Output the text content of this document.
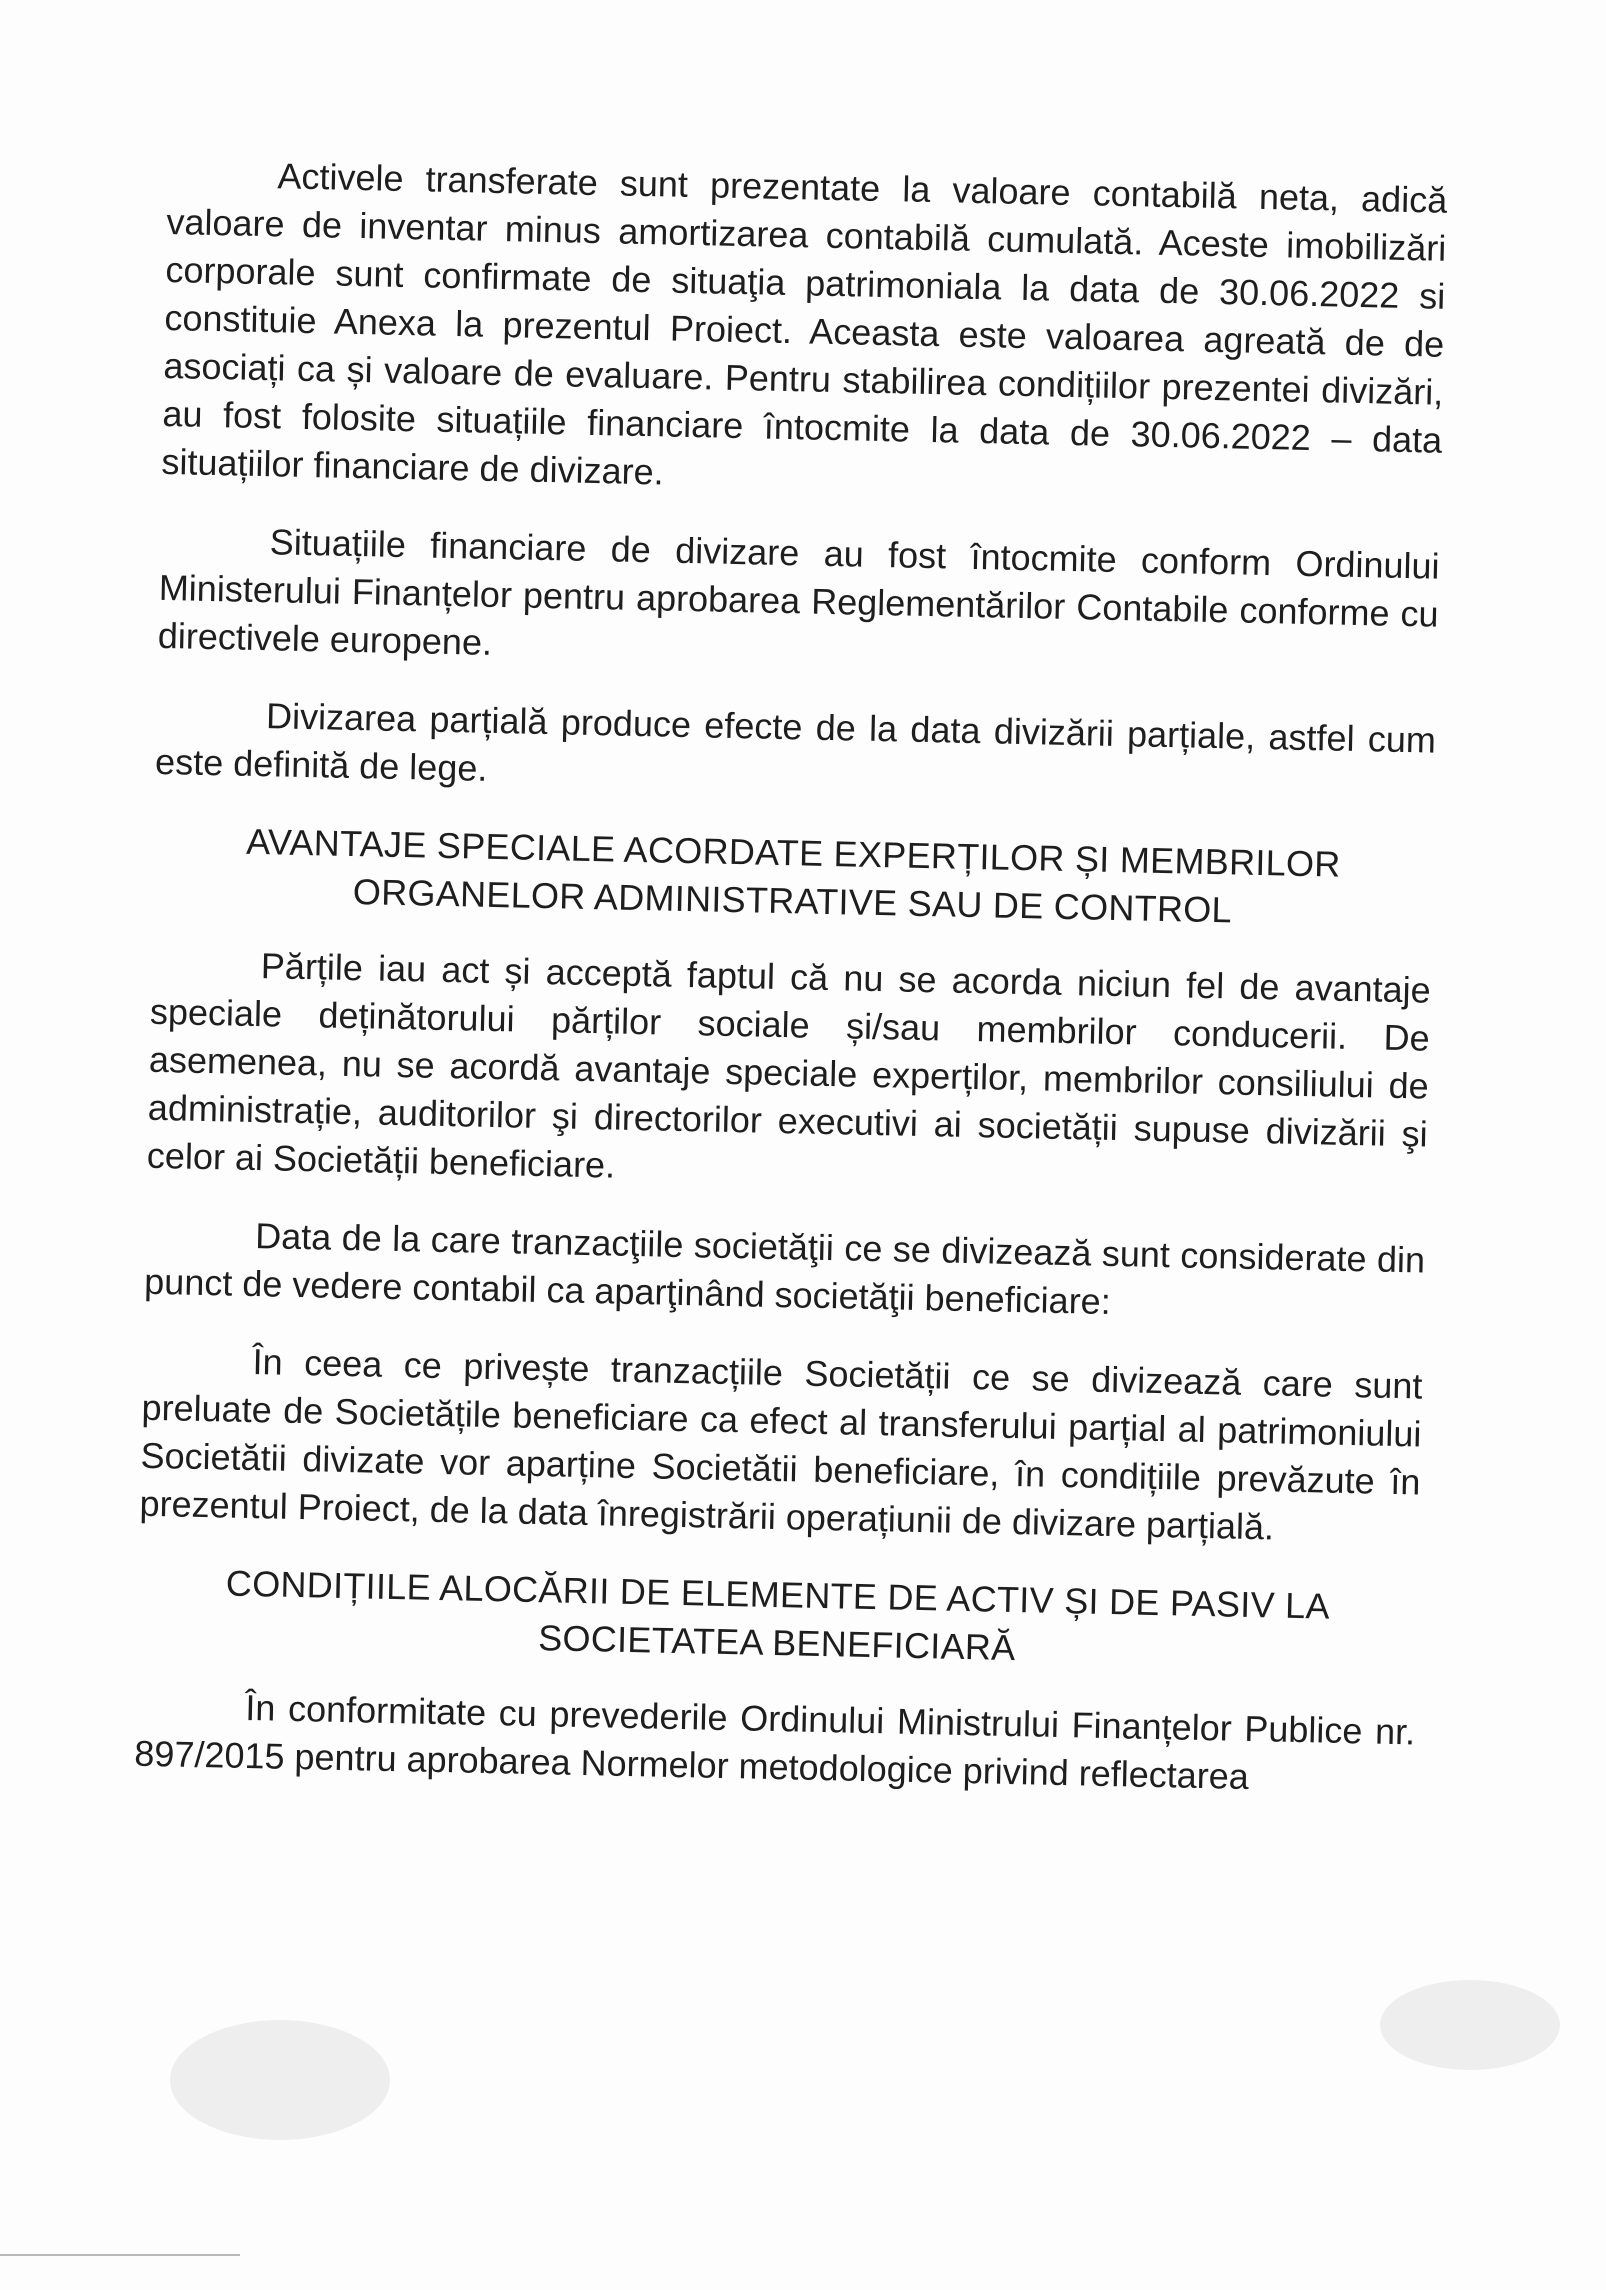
Activele transferate sunt prezentate la valoare contabilă neta, adică valoare de inventar minus amortizarea contabilă cumulată. Aceste imobilizări corporale sunt confirmate de situaţia patrimoniala la data de 30.06.2022 si constituie Anexa la prezentul Proiect. Aceasta este valoarea agreată de de asociați ca și valoare de evaluare. Pentru stabilirea condițiilor prezentei divizări, au fost folosite situațiile financiare întocmite la data de 30.06.2022 – data situațiilor financiare de divizare.

Situațiile financiare de divizare au fost întocmite conform Ordinului Ministerului Finanțelor pentru aprobarea Reglementărilor Contabile conforme cu directivele europene.

Divizarea parțială produce efecte de la data divizării parțiale, astfel cum este definită de lege.

AVANTAJE SPECIALE ACORDATE EXPERȚILOR ȘI MEMBRILOR ORGANELOR ADMINISTRATIVE SAU DE CONTROL

Părțile iau act și acceptă faptul că nu se acorda niciun fel de avantaje speciale deținătorului părților sociale și/sau membrilor conducerii. De asemenea, nu se acordă avantaje speciale experților, membrilor consiliului de administrație, auditorilor şi directorilor executivi ai societății supuse divizării şi celor ai Societății beneficiare.

Data de la care tranzacţiile societăţii ce se divizează sunt considerate din punct de vedere contabil ca aparţinând societăţii beneficiare:

În ceea ce privește tranzacțiile Societății ce se divizează care sunt preluate de Societățile beneficiare ca efect al transferului parțial al patrimoniului Societătii divizate vor aparține Societătii beneficiare, în condițiile prevăzute în prezentul Proiect, de la data înregistrării operațiunii de divizare parțială.

CONDIȚIILE ALOCĂRII DE ELEMENTE DE ACTIV ȘI DE PASIV LA SOCIETATEA BENEFICIARĂ

În conformitate cu prevederile Ordinului Ministrului Finanțelor Publice nr. 897/2015 pentru aprobarea Normelor metodologice privind reflectarea
